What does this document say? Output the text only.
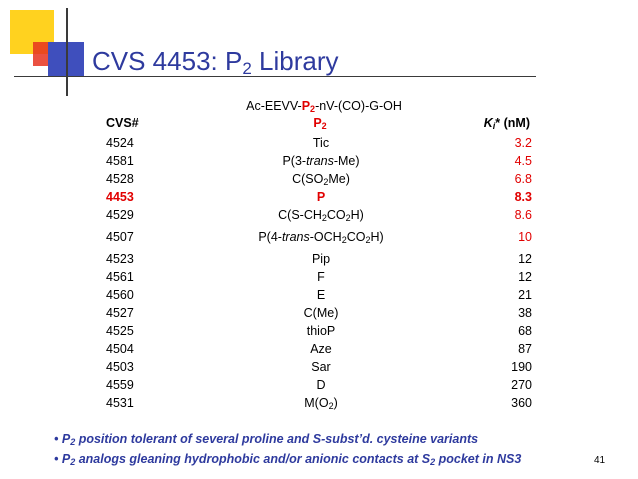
CVS 4453: $P_2$ Library
$Ac-EEVV-P_2-nV-(CO)-G-OH$
CVS#	$P_2$	$K_i*$ (nM)
4524	Tic	3.2
4581	P(3-trans-Me)	4.5
4528	$C(SO_2Me)$	6.8
4453	P	8.3
4529	$C(S-CH_2CO_2H)$	8.6
4507	$P(4-trans-OCH_2CO_2H)$	10
4523	Pip	12
4561	F	12
4560	E	21
4527	C(Me)	38
4525	thioP	68
4504	Aze	87
4503	Sar	190
4559	D	270
4531	$M(O_2)$	360
• P2 position tolerant of several proline and S-subst’d. cysteine variants
• P2 analogs gleaning hydrophobic and/or anionic contacts at S2 pocket in NS3	41
